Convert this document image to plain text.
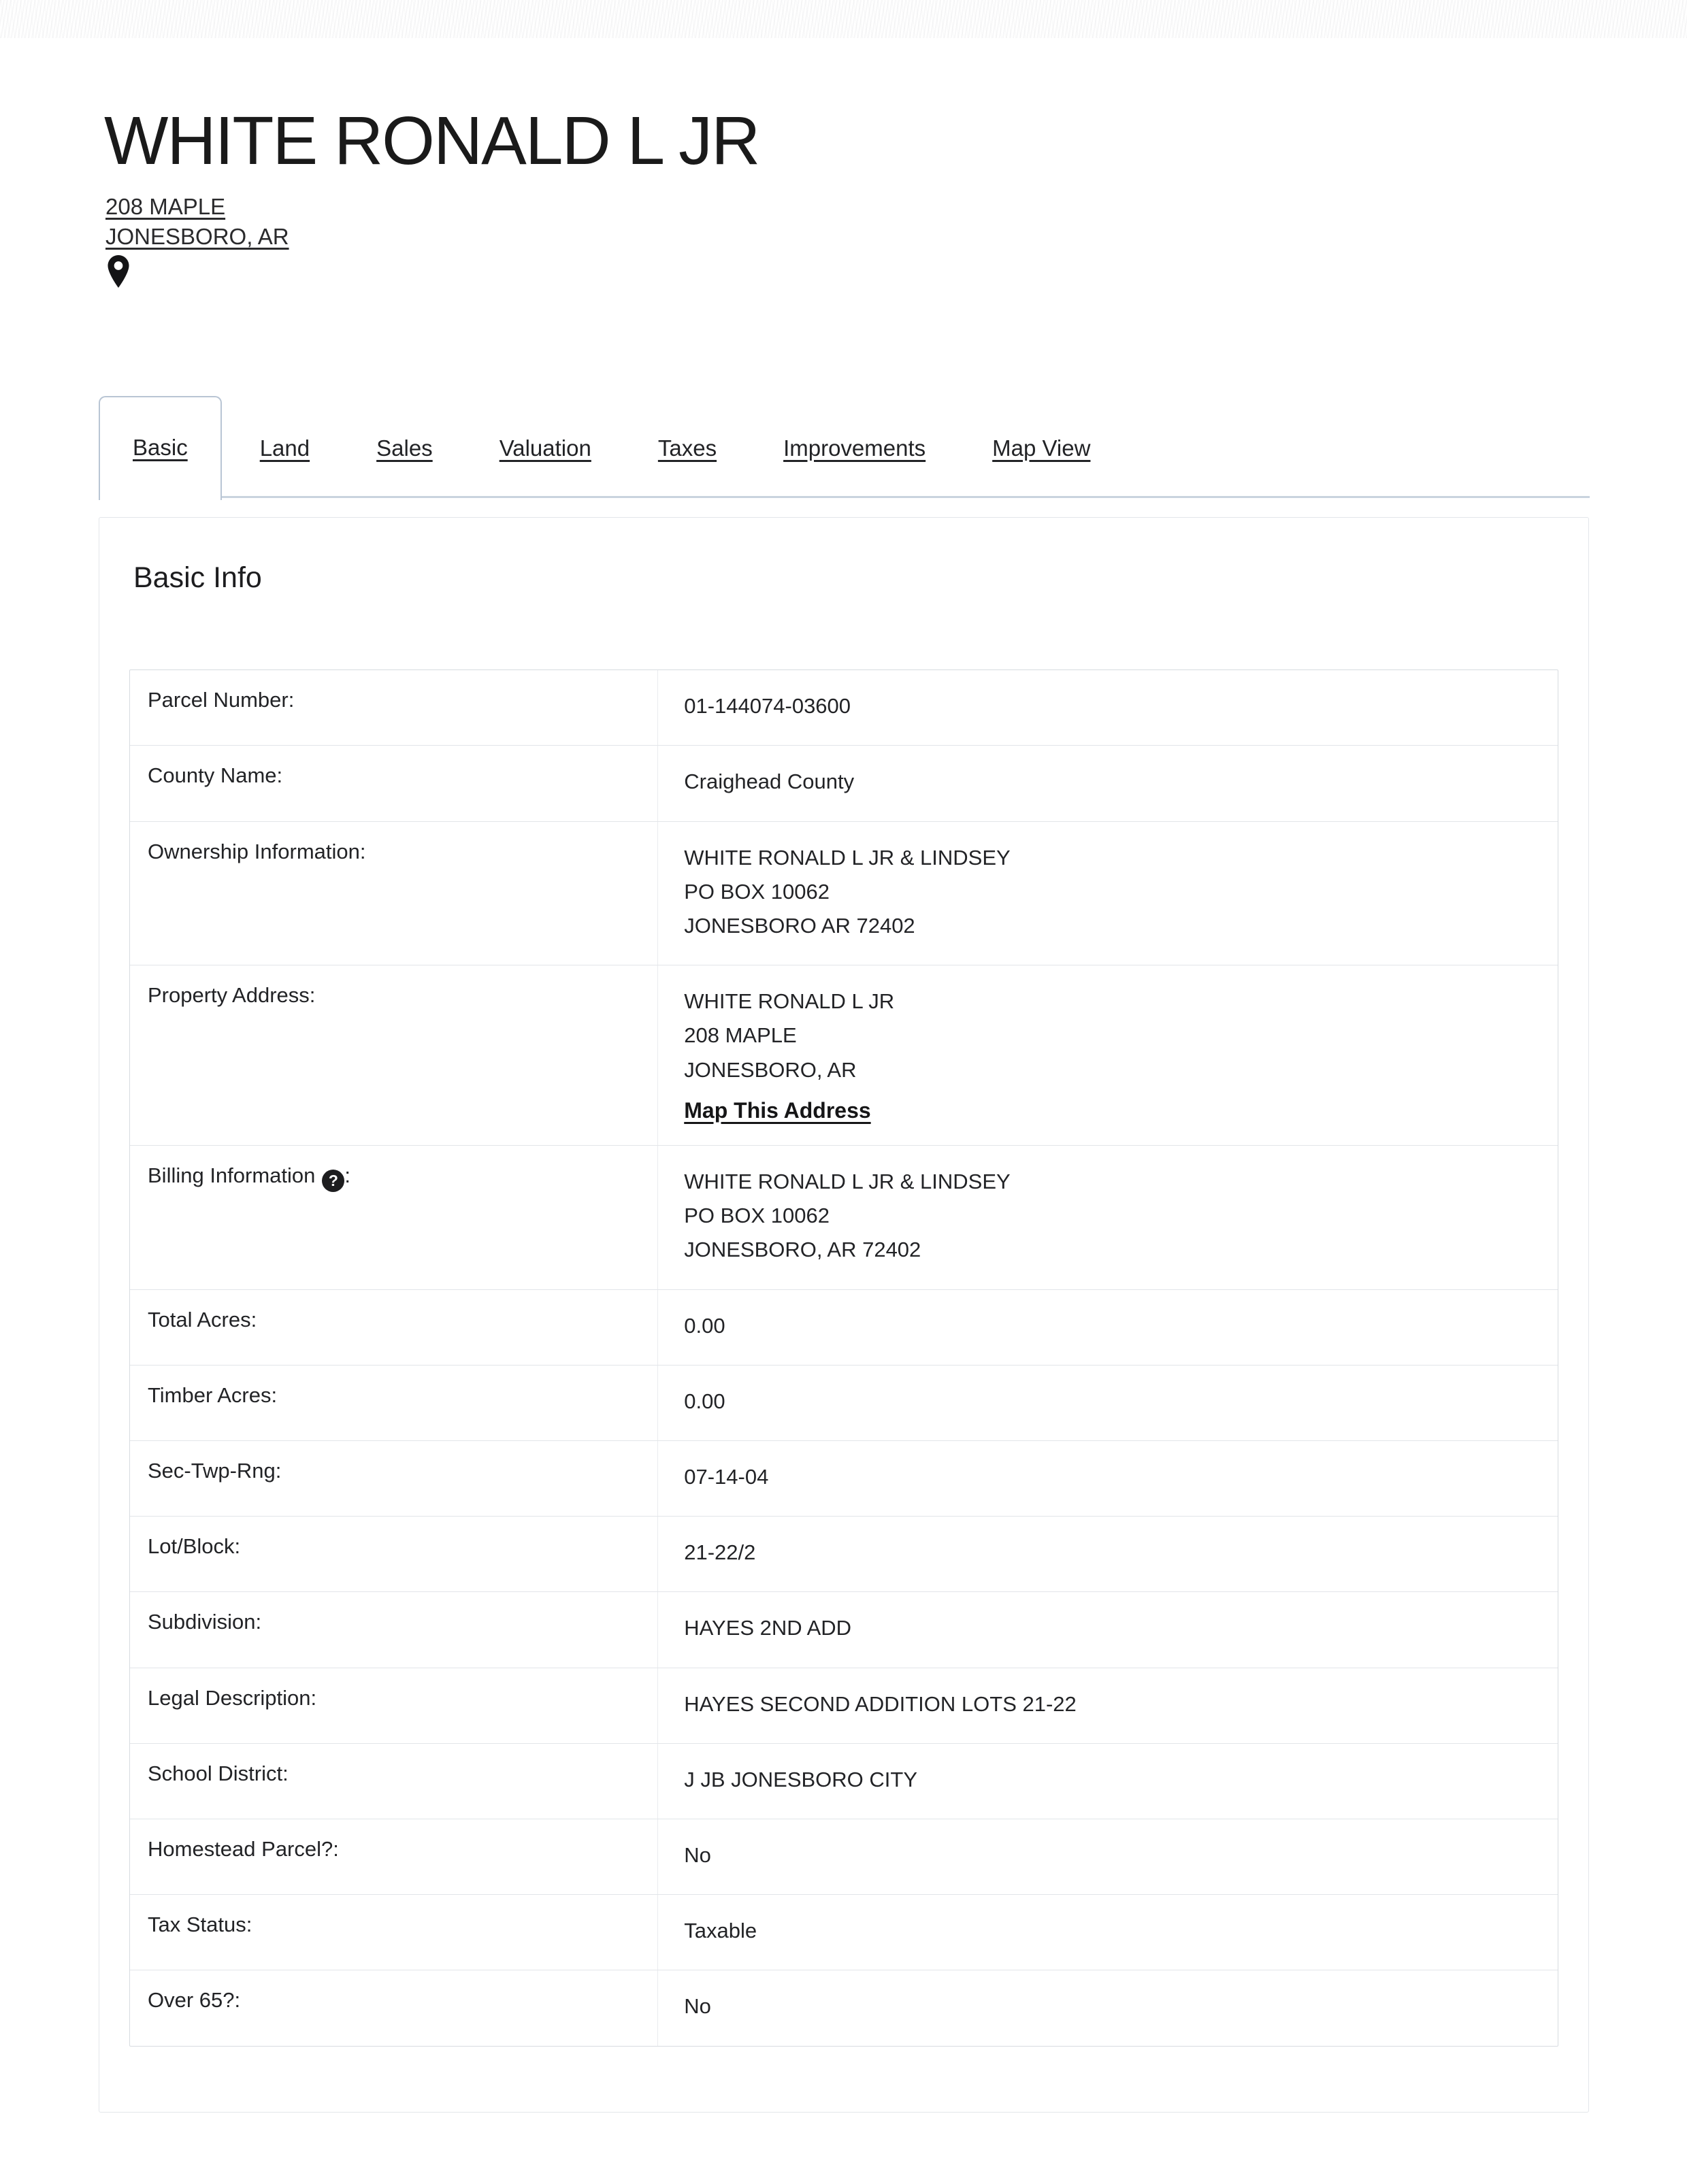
WHITE RONALD L JR
208 MAPLE
JONESBORO, AR
Basic	Land	Sales	Valuation	Taxes	Improvements	Map View
Basic Info
Parcel Number:	01-144074-03600
County Name:	Craighead County
Ownership Information:	WHITE RONALD L JR & LINDSEY
PO BOX 10062
JONESBORO AR 72402
Property Address:	WHITE RONALD L JR
208 MAPLE
JONESBORO, AR
Map This Address
Billing Information ? :	WHITE RONALD L JR & LINDSEY
PO BOX 10062
JONESBORO, AR 72402
Total Acres:	0.00
Timber Acres:	0.00
Sec-Twp-Rng:	07-14-04
Lot/Block:	21-22/2
Subdivision:	HAYES 2ND ADD
Legal Description:	HAYES SECOND ADDITION LOTS 21-22
School District:	J JB JONESBORO CITY
Homestead Parcel?:	No
Tax Status:	Taxable
Over 65?:	No
